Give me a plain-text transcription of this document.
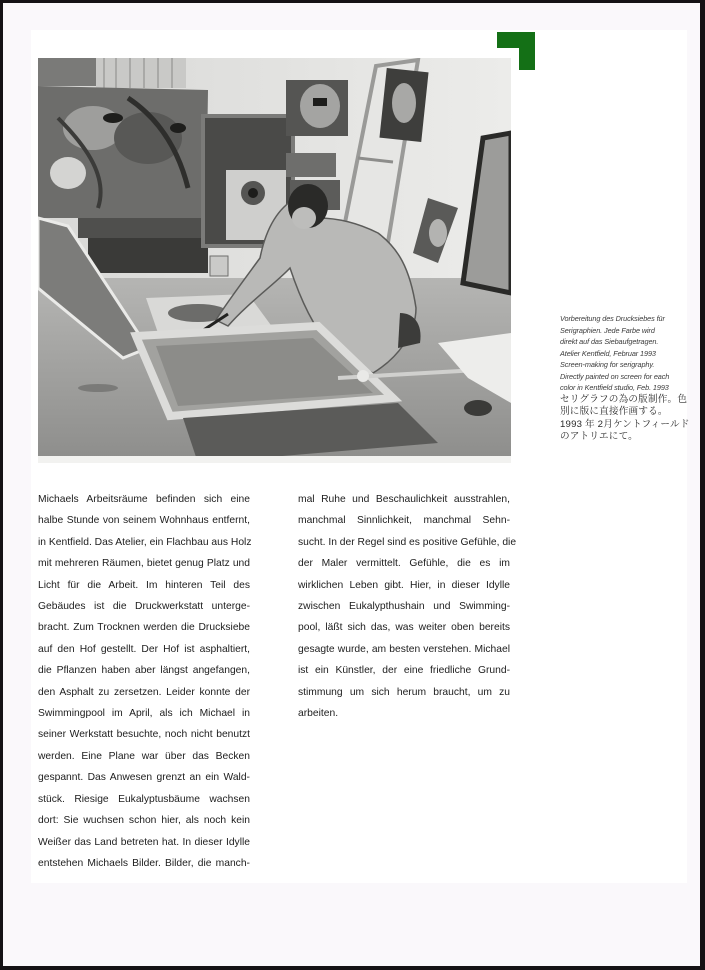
Vorbereitung des Drucksiebes für
Serigraphien. Jede Farbe wird
direkt auf das Siebaufgetragen.
Atelier Kentfield, Februar 1993
Screen-making for serigraphy.
Directly painted on screen for each
color in Kentfield studio, Feb. 1993
セリグラフの為の版制作。色
別に版に直接作画する。
1993 年 2月ケントフィールド
のアトリエにて。
Michaels Arbeitsräume befinden sich eine
halbe Stunde von seinem Wohnhaus entfernt,
in Kentfield. Das Atelier, ein Flachbau aus Holz
mit mehreren Räumen, bietet genug Platz und
Licht für die Arbeit. Im hinteren Teil des
Gebäudes ist die Druckwerkstatt unterge-
bracht. Zum Trocknen werden die Drucksiebe
auf den Hof gestellt. Der Hof ist asphaltiert,
die Pflanzen haben aber längst angefangen,
den Asphalt zu zersetzen. Leider konnte der
Swimmingpool im April, als ich Michael in
seiner Werkstatt besuchte, noch nicht benutzt
werden. Eine Plane war über das Becken
gespannt. Das Anwesen grenzt an ein Wald-
stück. Riesige Eukalyptusbäume wachsen
dort: Sie wuchsen schon hier, als noch kein
Weißer das Land betreten hat. In dieser Idylle
entstehen Michaels Bilder. Bilder, die manch-
mal Ruhe und Beschaulichkeit ausstrahlen,
manchmal Sinnlichkeit, manchmal Sehn-
sucht. In der Regel sind es positive Gefühle, die
der Maler vermittelt. Gefühle, die es im
wirklichen Leben gibt. Hier, in dieser Idylle
zwischen Eukalypthushain und Swimming-
pool, läßt sich das, was weiter oben bereits
gesagte wurde, am besten verstehen. Michael
ist ein Künstler, der eine friedliche Grund-
stimmung um sich herum braucht, um zu
arbeiten.
